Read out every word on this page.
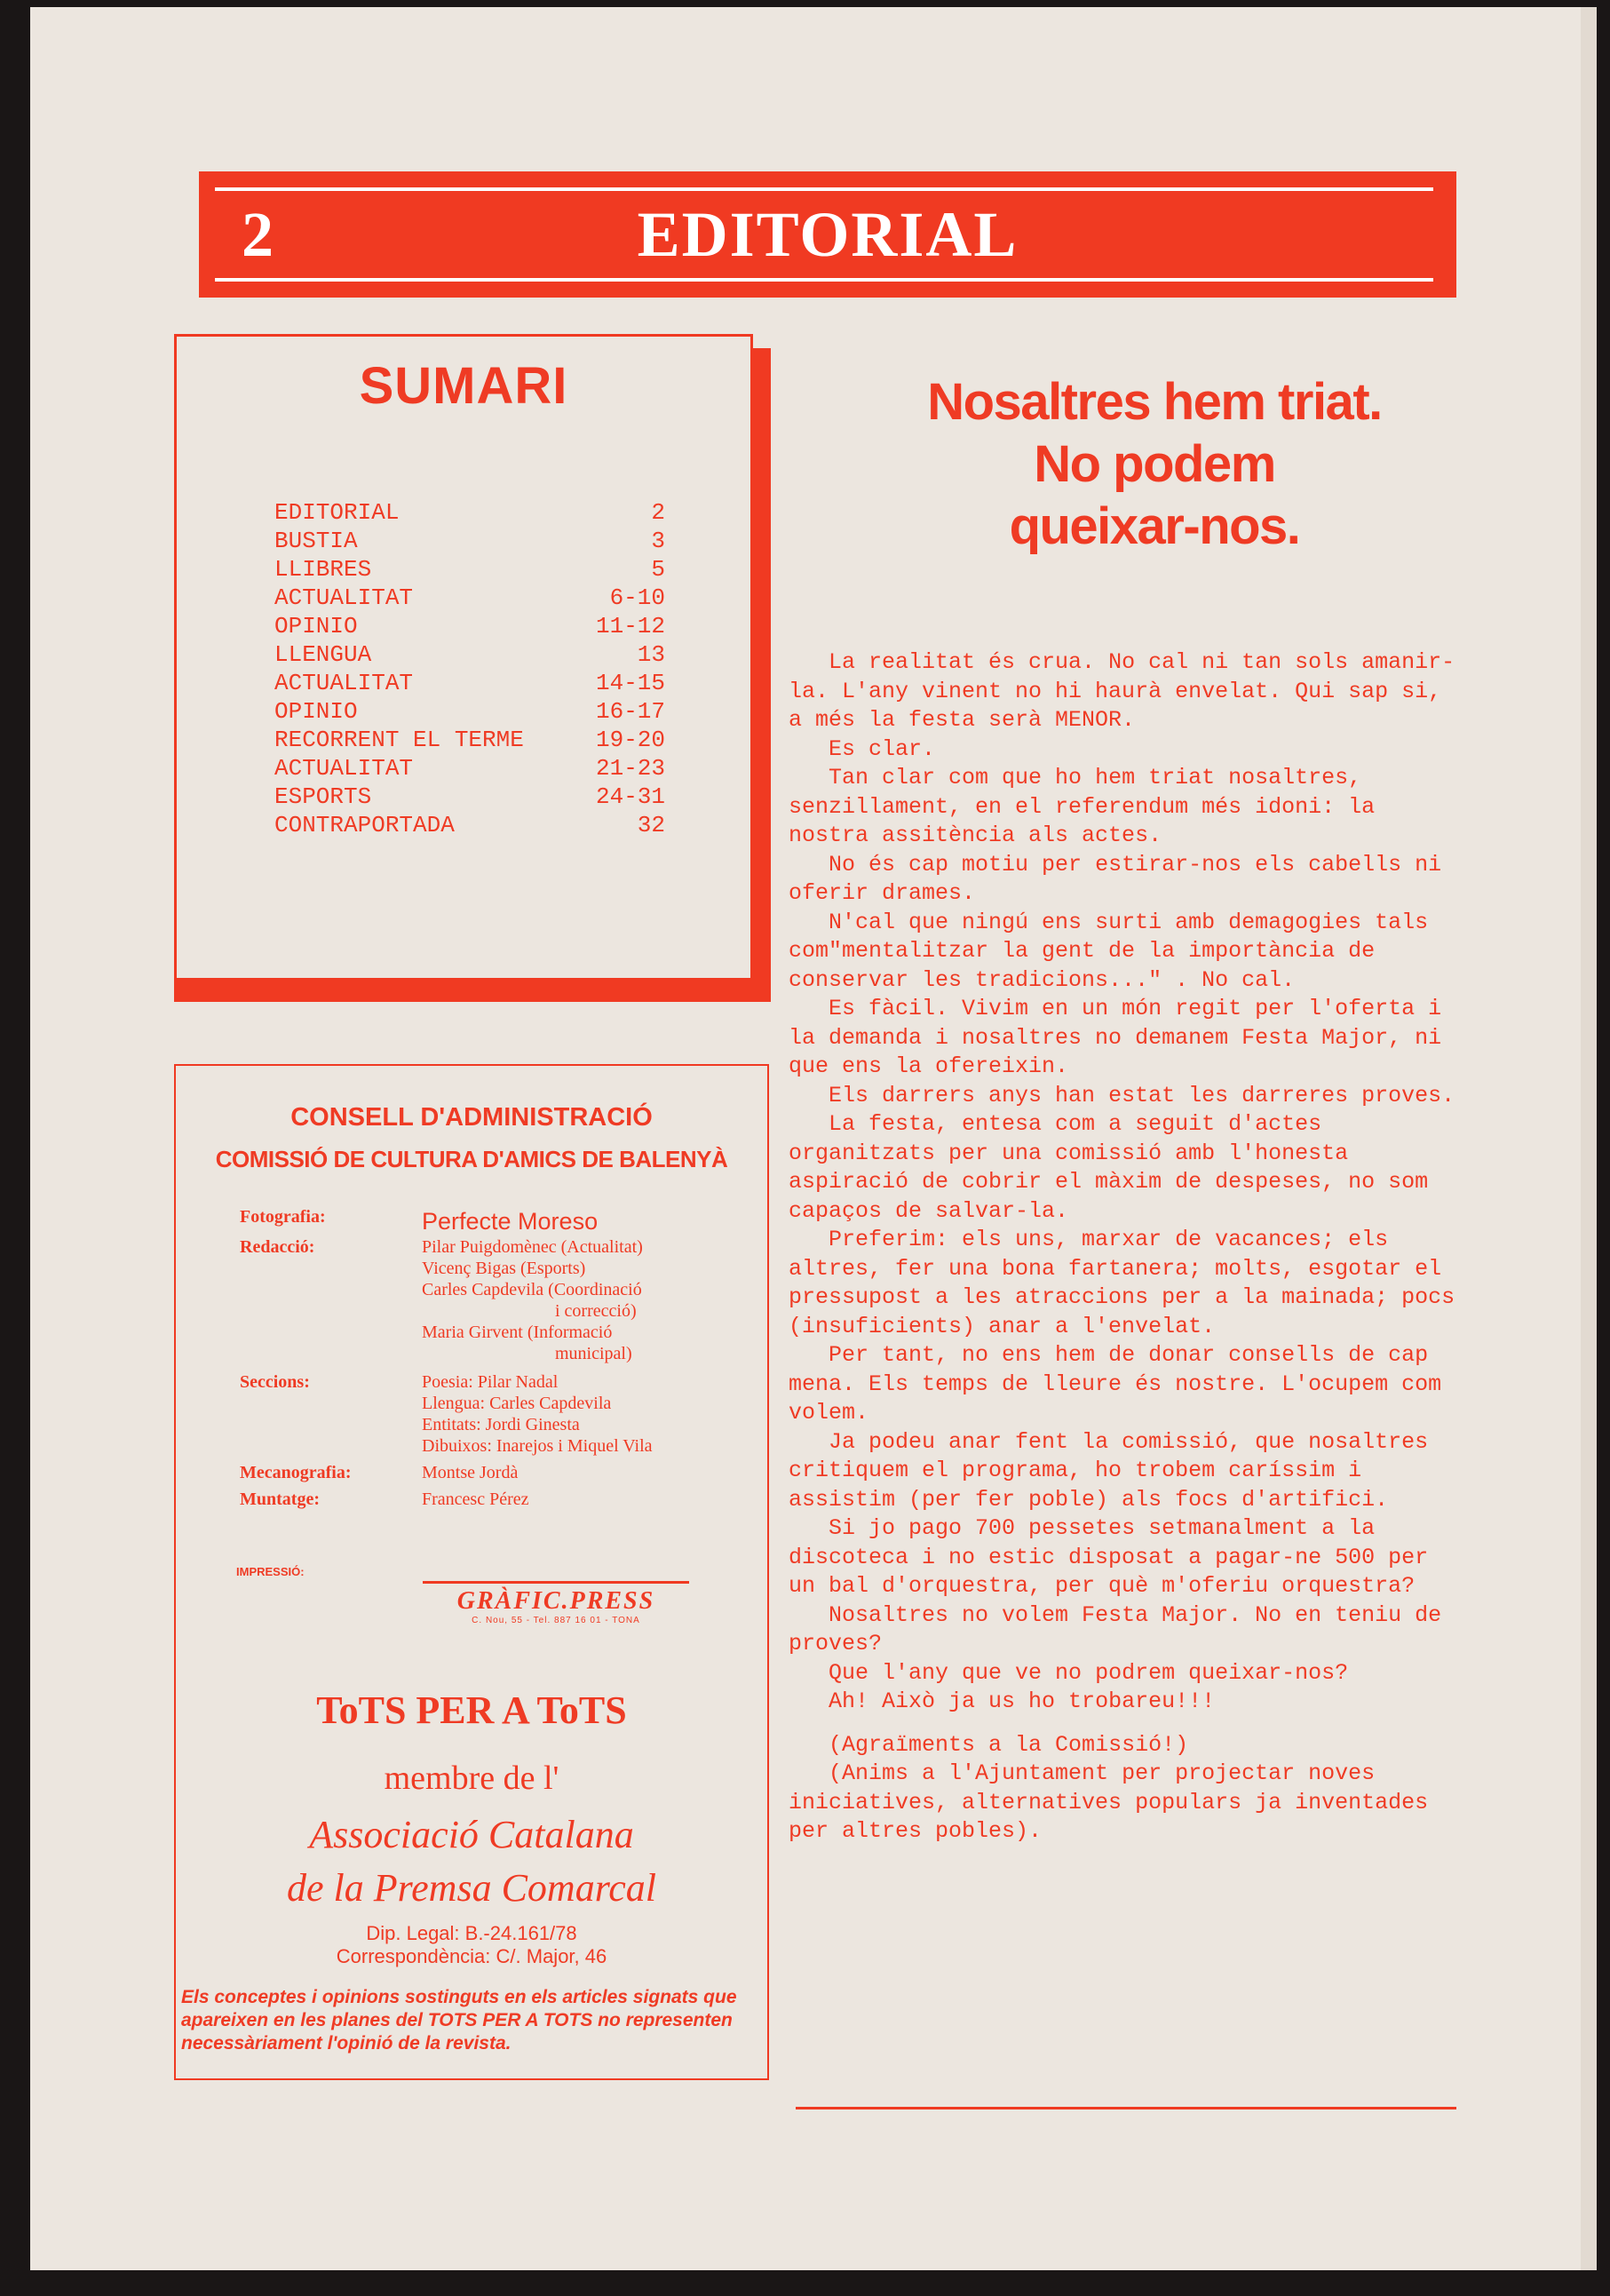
2	EDITORIAL
SUMARI
EDITORIAL	2
BUSTIA	3
LLIBRES	5
ACTUALITAT	6-10
OPINIO	11-12
LLENGUA	13
ACTUALITAT	14-15
OPINIO	16-17
RECORRENT EL TERME	19-20
ACTUALITAT	21-23
ESPORTS	24-31
CONTRAPORTADA	32
CONSELL D'ADMINISTRACIÓ
COMISSIÓ DE CULTURA D'AMICS DE BALENYÀ
Fotografia:	Perfecte Moreso
Redacció:	Pilar Puigdomènec (Actualitat)
Vicenç Bigas (Esports)
Carles Capdevila (Coordinació
i correcció)
Maria Girvent (Informació
municipal)
Seccions:	Poesia: Pilar Nadal
Llengua: Carles Capdevila
Entitats: Jordi Ginesta
Dibuixos: Inarejos i Miquel Vila
Mecanografia:	Montse Jordà
Muntatge:	Francesc Pérez
IMPRESSIÓ:
GRÀFIC.PRESS
C. Nou, 55 - Tel. 887 16 01 - TONA
ToTS PER A ToTS
membre de l'
Associació Catalana
de la Premsa Comarcal
Dip. Legal: B.-24.161/78
Correspondència: C/. Major, 46
Els conceptes i opinions sostinguts en els articles signats que apareixen en les planes del TOTS PER A TOTS no representen necessàriament l'opinió de la revista.
Nosaltres hem triat.
No podem
queixar-nos.

La realitat és crua. No cal ni tan sols amanir-la. L'any vinent no hi haurà envelat. Qui sap si, a més la festa serà MENOR.

Es clar.

Tan clar com que ho hem triat nosaltres, senzillament, en el referendum més idoni: la nostra assitència als actes.

No és cap motiu per estirar-nos els cabells ni oferir drames.

N'cal que ningú ens surti amb demagogies tals com"mentalitzar la gent de la importància de conservar les tradicions..." . No cal.

Es fàcil. Vivim en un món regit per l'oferta i la demanda i nosaltres no demanem Festa Major, ni que ens la ofereixin.

Els darrers anys han estat les darreres proves.

La festa, entesa com a seguit d'actes organitzats per una comissió amb l'honesta aspiració de cobrir el màxim de despeses, no som capaços de salvar-la.

Preferim: els uns, marxar de vacances; els altres, fer una bona fartanera; molts, esgotar el pressupost a les atraccions per a la mainada; pocs (insuficients) anar a l'envelat.

Per tant, no ens hem de donar consells de cap mena. Els temps de lleure és nostre. L'ocupem com volem.

Ja podeu anar fent la comissió, que nosaltres critiquem el programa, ho trobem caríssim i assistim (per fer poble) als focs d'artifici.

Si jo pago 700 pessetes setmanalment a la discoteca i no estic disposat a pagar-ne 500 per un bal d'orquestra, per què m'oferiu orquestra?

Nosaltres no volem Festa Major. No en teniu de proves?

Que l'any que ve no podrem queixar-nos?

Ah! Això ja us ho trobareu!!!

(Agraïments a la Comissió!)

(Anims a l'Ajuntament per projectar noves iniciatives, alternatives populars ja inventades per altres pobles).
